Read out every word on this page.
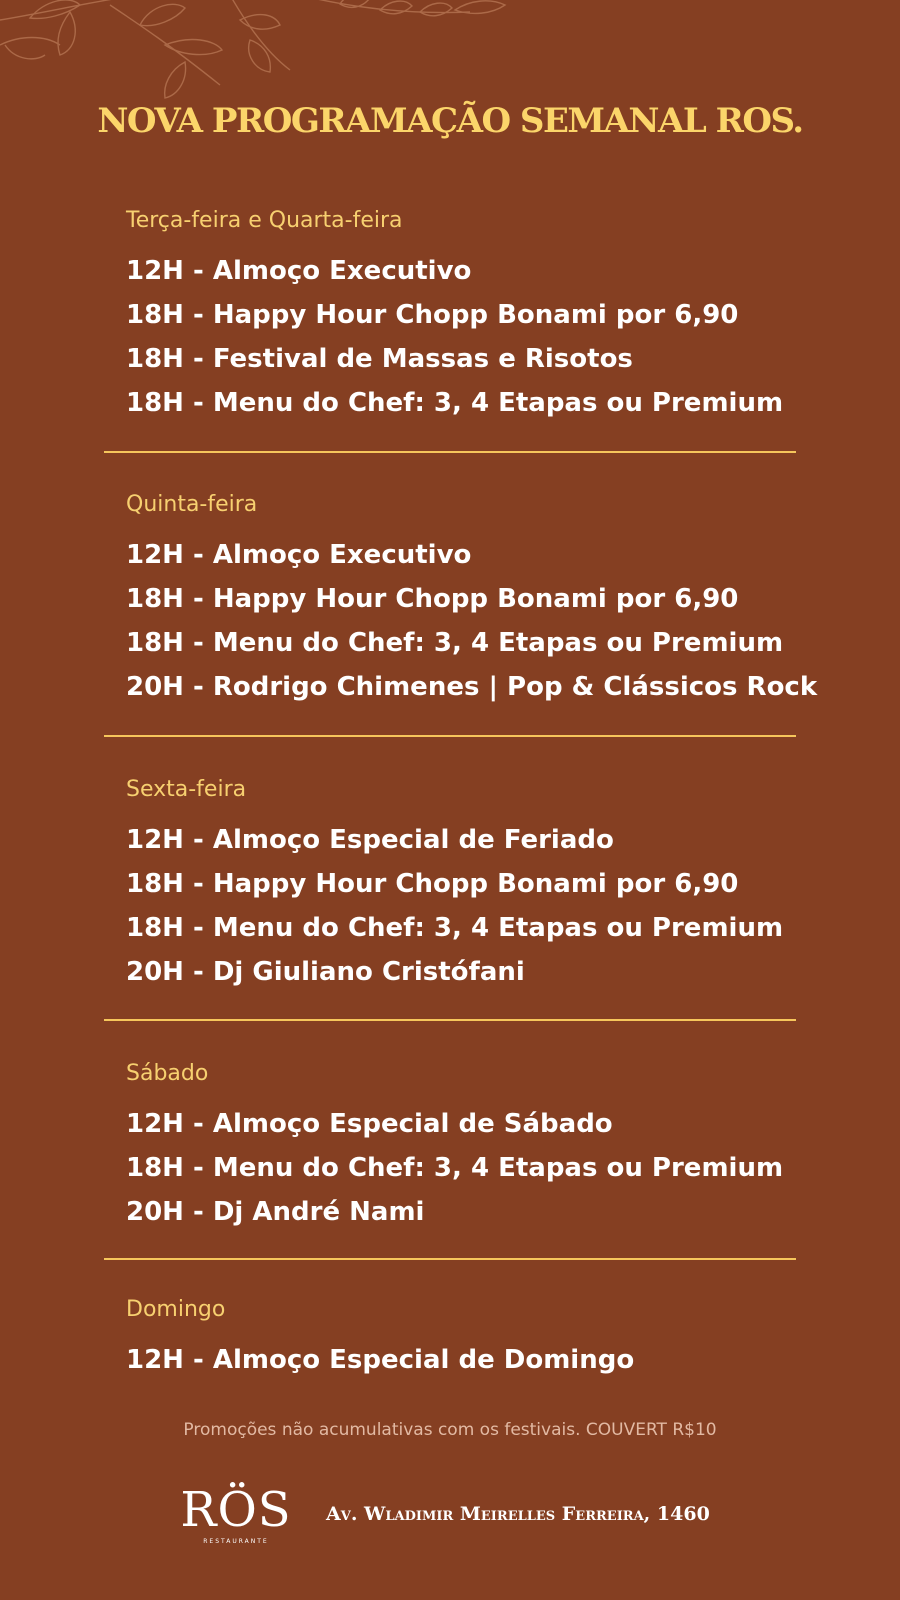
NOVA PROGRAMAÇÃO SEMANAL ROS.
Terça-feira e Quarta-feira
12H - Almoço Executivo
18H - Happy Hour Chopp Bonami por 6,90
18H - Festival de Massas e Risotos
18H - Menu do Chef: 3, 4 Etapas ou Premium
Quinta-feira
12H - Almoço Executivo
18H - Happy Hour Chopp Bonami por 6,90
18H - Menu do Chef: 3, 4 Etapas ou Premium
20H - Rodrigo Chimenes | Pop & Clássicos Rock
Sexta-feira
12H - Almoço Especial de Feriado
18H - Happy Hour Chopp Bonami por 6,90
18H - Menu do Chef: 3, 4 Etapas ou Premium
20H - Dj Giuliano Cristófani
Sábado
12H - Almoço Especial de Sábado
18H - Menu do Chef: 3, 4 Etapas ou Premium
20H - Dj André Nami
Domingo
12H - Almoço Especial de Domingo
Promoções não acumulativas com os festivais. COUVERT R$10
RÖS
RESTAURANTE
Av. Wladimir Meirelles Ferreira, 1460
